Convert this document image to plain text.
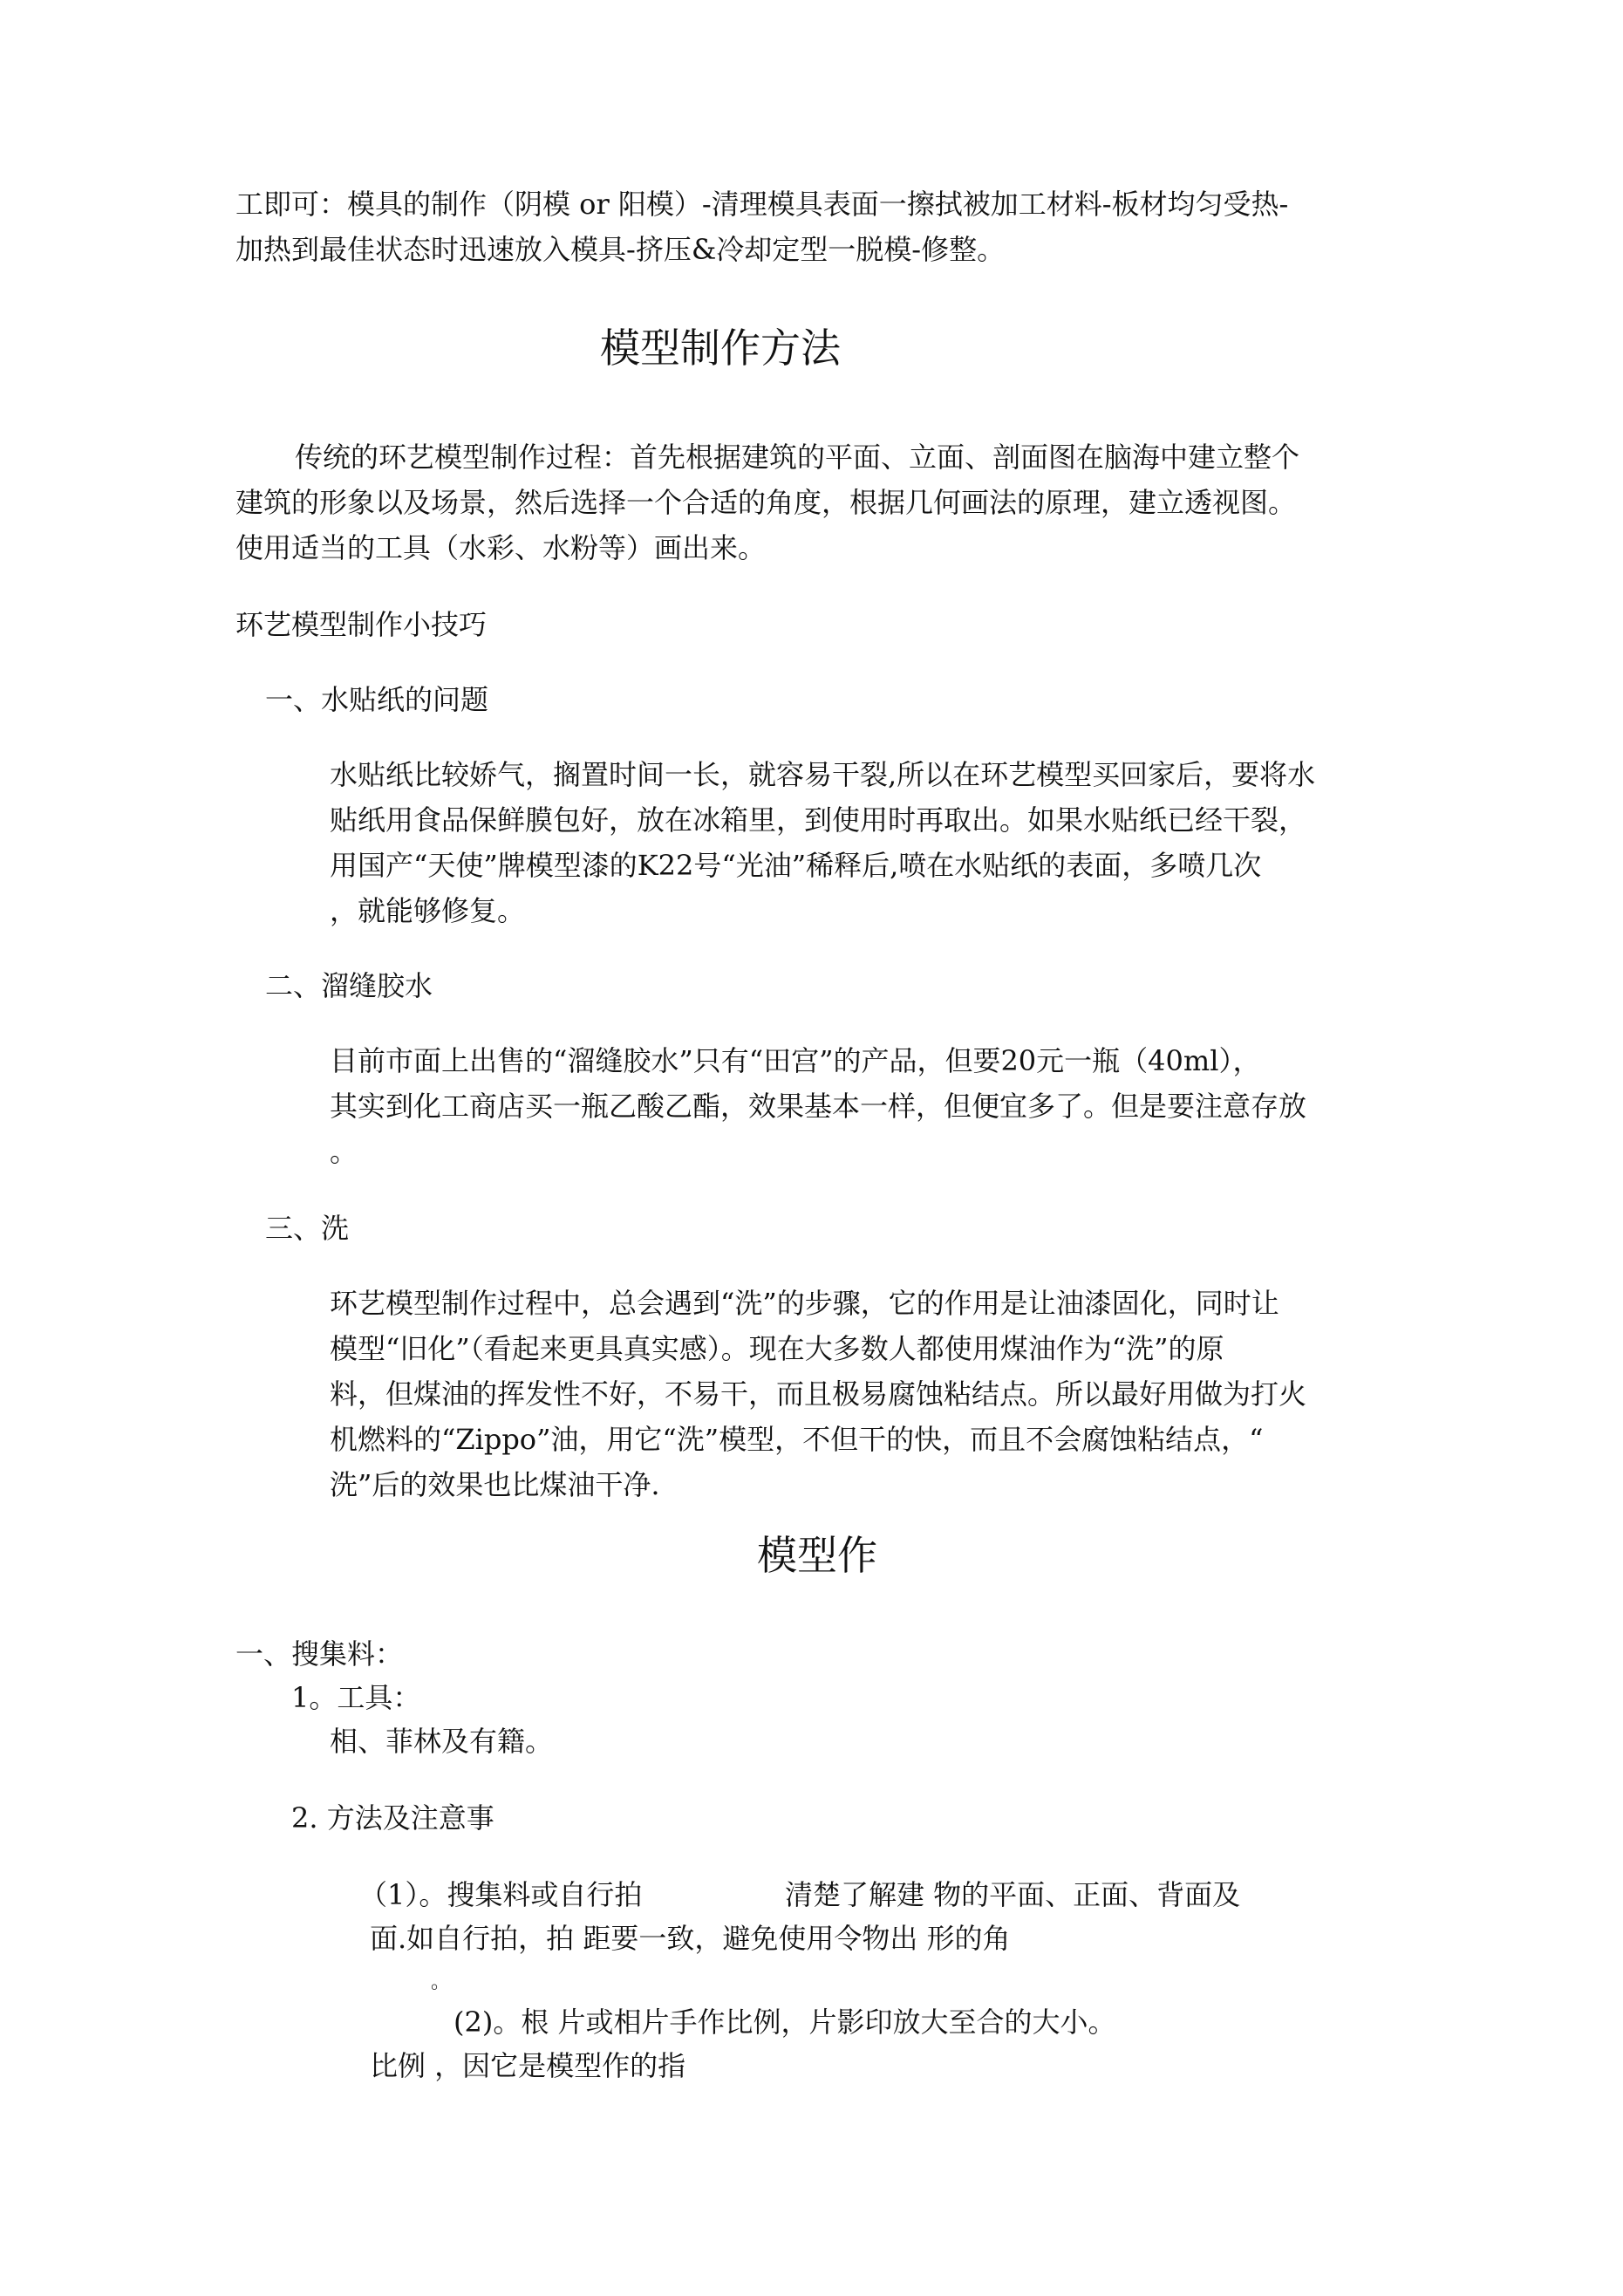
工即可：模具的制作（阴模 or 阳模）-清理模具表面一擦拭被加工材料-板材均匀受热-
加热到最佳状态时迅速放入模具-挤压&冷却定型一脱模-修整。
模型制作方法
传统的环艺模型制作过程：首先根据建筑的平面、立面、剖面图在脑海中建立整个
建筑的形象以及场景，然后选择一个合适的角度，根据几何画法的原理，建立透视图。
使用适当的工具（水彩、水粉等）画出来。
环艺模型制作小技巧
一、水贴纸的问题
水贴纸比较娇气，搁置时间一长，就容易干裂,所以在环艺模型买回家后，要将水
贴纸用食品保鲜膜包好，放在冰箱里，到使用时再取出。如果水贴纸已经干裂，
用国产“天使”牌模型漆的K22号“光油”稀释后,喷在水贴纸的表面，多喷几次
，就能够修复。
二、溜缝胶水
目前市面上出售的“溜缝胶水”只有“田宫”的产品，但要20元一瓶（40ml），
其实到化工商店买一瓶乙酸乙酯，效果基本一样，但便宜多了。但是要注意存放
。
三、洗
环艺模型制作过程中，总会遇到“洗”的步骤，它的作用是让油漆固化，同时让
模型“旧化”（看起来更具真实感）。现在大多数人都使用煤油作为“洗”的原
料，但煤油的挥发性不好，不易干，而且极易腐蚀粘结点。所以最好用做为打火
机燃料的“Zippo”油，用它“洗”模型，不但干的快，而且不会腐蚀粘结点，“
洗”后的效果也比煤油干净.
模型作
一、搜集料：
1。工具：
相、菲林及有籍。
2. 方法及注意事
（1）。搜集料或自行拍	清楚了解建 物的平面、正面、背面及
面.如自行拍，拍 距要一致，避免使用令物出 形的角
。
(2)。根 片或相片手作比例，片影印放大至合的大小。
比例 ，因它是模型作的指
